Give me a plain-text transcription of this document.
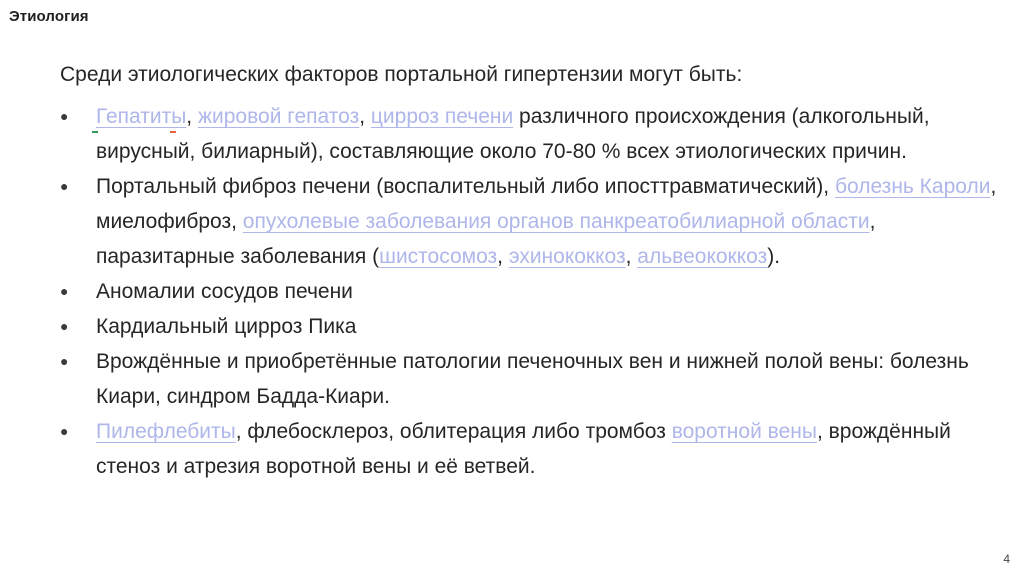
Этиология
Среди этиологических факторов портальной гипертензии могут быть:
● Гепатиты, жировой гепатоз, цирроз печени различного происхождения (алкогольный, вирусный, билиарный), составляющие около 70-80 % всех этиологических причин.
● Портальный фиброз печени (воспалительный либо ипосттравматический), болезнь Кароли, миелофиброз, опухолевые заболевания органов панкреатобилиарной области, паразитарные заболевания (шистосомоз, эхинококкоз, альвеококкоз).
● Аномалии сосудов печени
● Кардиальный цирроз Пика
● Врождённые и приобретённые патологии печеночных вен и нижней полой вены: болезнь Киари, синдром Бадда-Киари.
● Пилефлебиты, флебосклероз, облитерация либо тромбоз воротной вены, врождённый стеноз и атрезия воротной вены и её ветвей.
4
